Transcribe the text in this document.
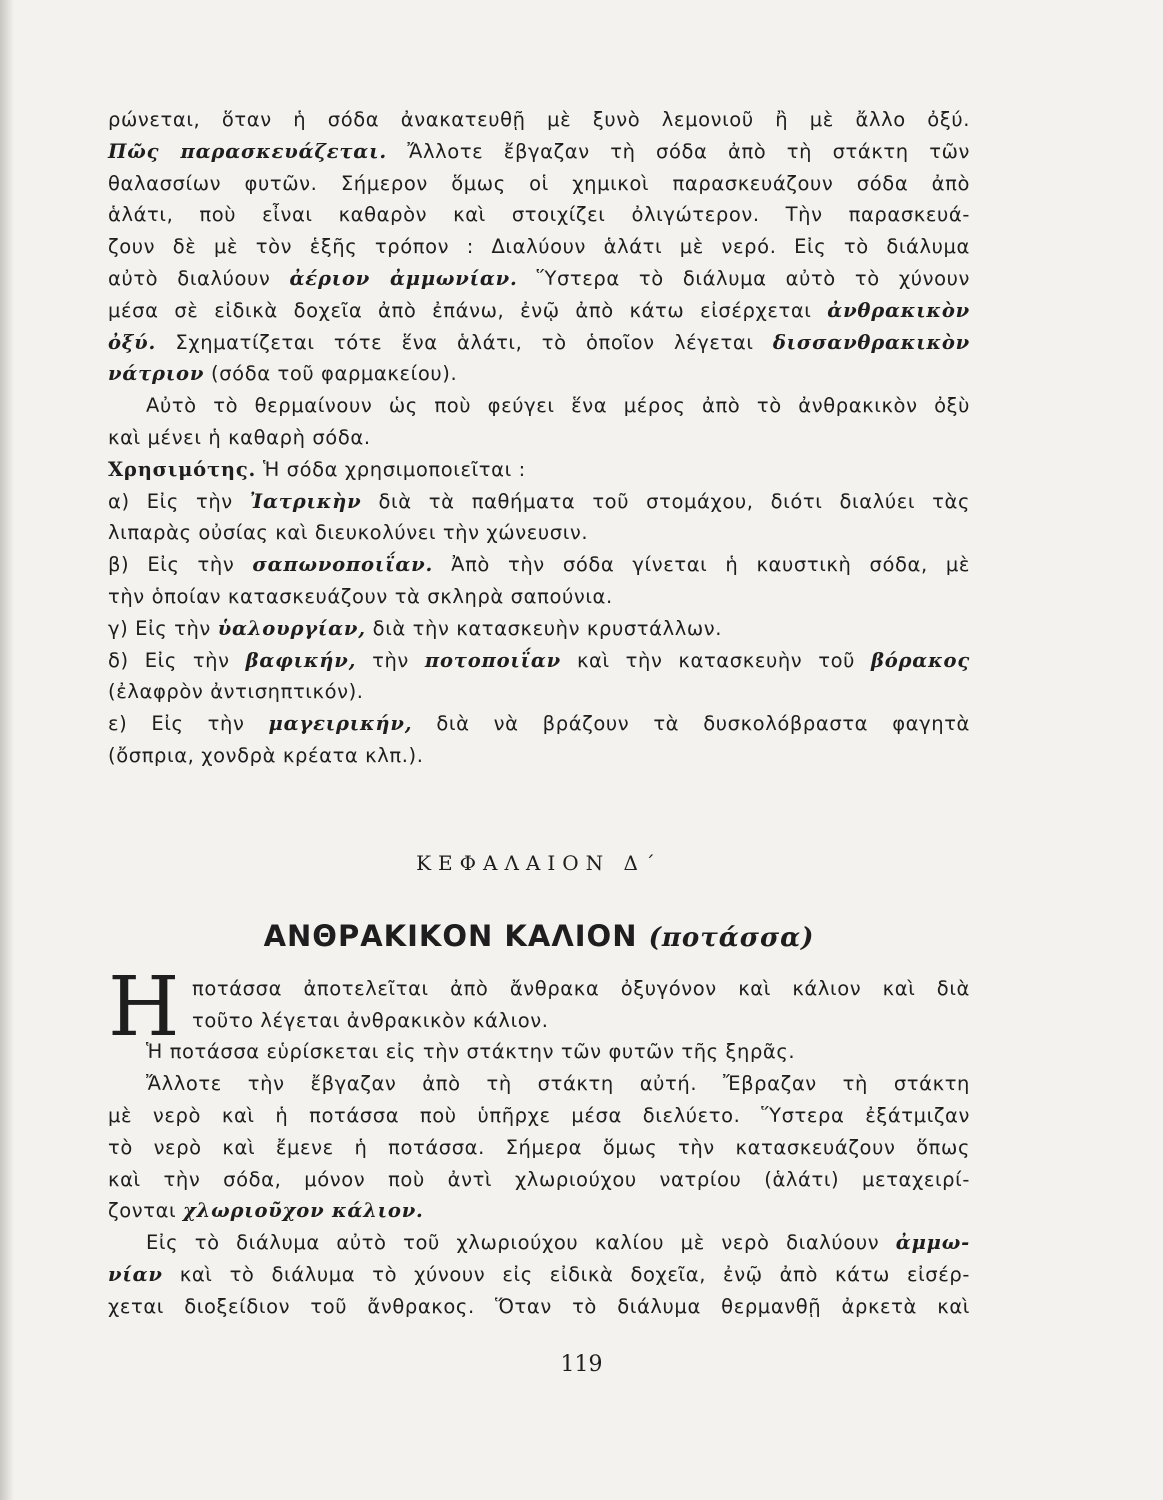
ρώνεται, ὅταν ἡ σόδα ἀνακατευθῇ μὲ ξυνὸ λεμονιοῦ ἢ μὲ ἄλλο ὀξύ.
Πῶς παρασκευάζεται. Ἄλλοτε ἔβγαζαν τὴ σόδα ἀπὸ τὴ στάκτη τῶν
θαλασσίων φυτῶν. Σήμερον ὅμως οἱ χημικοὶ παρασκευάζουν σόδα ἀπὸ
ἁλάτι, ποὺ εἶναι καθαρὸν καὶ στοιχίζει ὀλιγώτερον. Τὴν παρασκευά-
ζουν δὲ μὲ τὸν ἑξῆς τρόπον : Διαλύουν ἁλάτι μὲ νερό. Εἰς τὸ διάλυμα
αὐτὸ διαλύουν ἀέριον ἀμμωνίαν. Ὕστερα τὸ διάλυμα αὐτὸ τὸ χύνουν
μέσα σὲ εἰδικὰ δοχεῖα ἀπὸ ἐπάνω, ἐνῷ ἀπὸ κάτω εἰσέρχεται ἀνθρακικὸν
ὀξύ. Σχηματίζεται τότε ἕνα ἁλάτι, τὸ ὁποῖον λέγεται δισσανθρακικὸν
νάτριον (σόδα τοῦ φαρμακείου).
Αὐτὸ τὸ θερμαίνουν ὡς ποὺ φεύγει ἕνα μέρος ἀπὸ τὸ ἀνθρακικὸν ὀξὺ
καὶ μένει ἡ καθαρὴ σόδα.
Χρησιμότης. Ἡ σόδα χρησιμοποιεῖται :
α) Εἰς τὴν Ἰατρικὴν διὰ τὰ παθήματα τοῦ στομάχου, διότι διαλύει τὰς
λιπαρὰς οὐσίας καὶ διευκολύνει τὴν χώνευσιν.
β) Εἰς τὴν σαπωνοποιΐαν. Ἀπὸ τὴν σόδα γίνεται ἡ καυστικὴ σόδα, μὲ
τὴν ὁποίαν κατασκευάζουν τὰ σκληρὰ σαπούνια.
γ) Εἰς τὴν ὑαλουργίαν, διὰ τὴν κατασκευὴν κρυστάλλων.
δ) Εἰς τὴν βαφικήν, τὴν ποτοποιΐαν καὶ τὴν κατασκευὴν τοῦ βόρακος
(ἐλαφρὸν ἀντισηπτικόν).
ε) Εἰς τὴν μαγειρικήν, διὰ νὰ βράζουν τὰ δυσκολόβραστα φαγητὰ
(ὄσπρια, χονδρὰ κρέατα κλπ.).
ΚΕΦΑΛΑΙΟΝ Δ΄
ΑΝΘΡΑΚΙΚΟΝ ΚΑΛΙΟΝ (ποτάσσα)
Η ποτάσσα ἀποτελεῖται ἀπὸ ἄνθρακα ὀξυγόνον καὶ κάλιον καὶ διὰ
τοῦτο λέγεται ἀνθρακικὸν κάλιον.
Ἡ ποτάσσα εὑρίσκεται εἰς τὴν στάκτην τῶν φυτῶν τῆς ξηρᾶς.
Ἄλλοτε τὴν ἔβγαζαν ἀπὸ τὴ στάκτη αὐτή. Ἔβραζαν τὴ στάκτη
μὲ νερὸ καὶ ἡ ποτάσσα ποὺ ὑπῆρχε μέσα διελύετο. Ὕστερα ἐξάτμιζαν
τὸ νερὸ καὶ ἔμενε ἡ ποτάσσα. Σήμερα ὅμως τὴν κατασκευάζουν ὅπως
καὶ τὴν σόδα, μόνον ποὺ ἀντὶ χλωριούχου νατρίου (ἁλάτι) μεταχειρί-
ζονται χλωριοῦχον κάλιον.
Εἰς τὸ διάλυμα αὐτὸ τοῦ χλωριούχου καλίου μὲ νερὸ διαλύουν ἀμμω-
νίαν καὶ τὸ διάλυμα τὸ χύνουν εἰς εἰδικὰ δοχεῖα, ἐνῷ ἀπὸ κάτω εἰσέρ-
χεται διοξείδιον τοῦ ἄνθρακος. Ὅταν τὸ διάλυμα θερμανθῇ ἀρκετὰ καὶ
119
